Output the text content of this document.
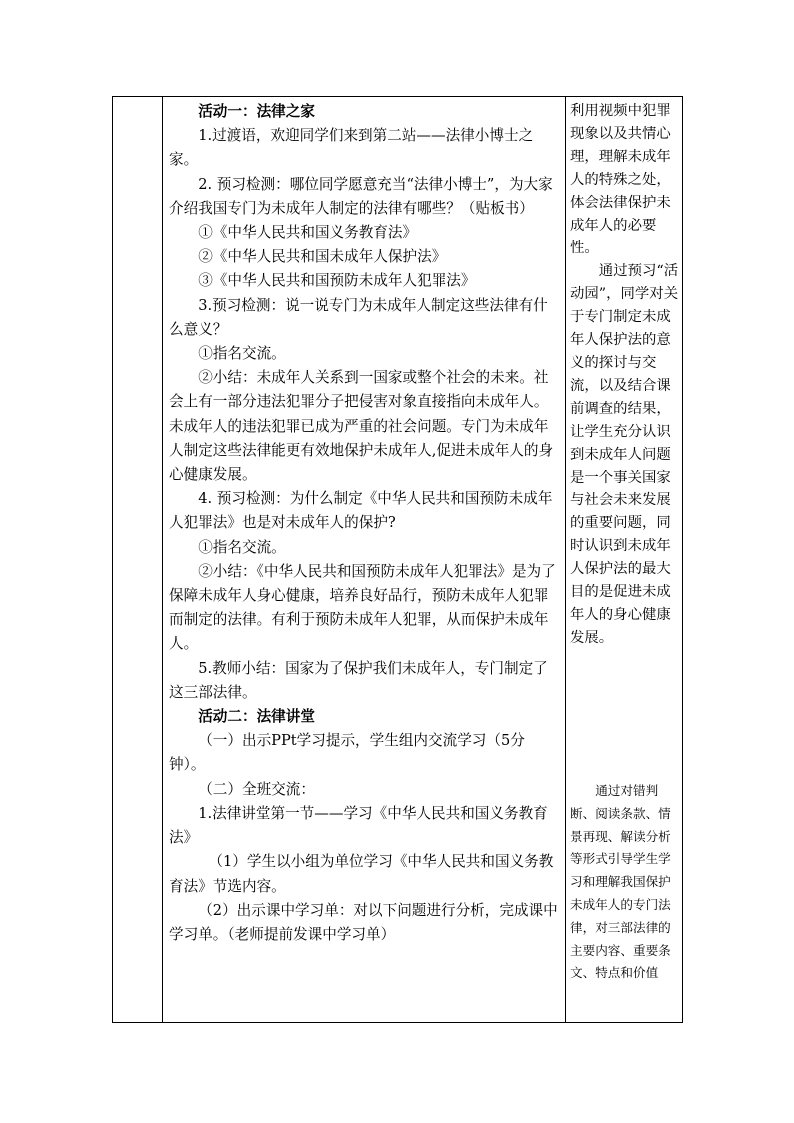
活动一：法律之家

1.过渡语，欢迎同学们来到第二站——法律小博士之家。

2. 预习检测：哪位同学愿意充当“法律小博士”，为大家介绍我国专门为未成年人制定的法律有哪些？（贴板书）

①《中华人民共和国义务教育法》

②《中华人民共和国未成年人保护法》

③《中华人民共和国预防未成年人犯罪法》

3.预习检测：说一说专门为未成年人制定这些法律有什么意义？

①指名交流。

②小结：未成年人关系到一国家或整个社会的未来。社会上有一部分违法犯罪分子把侵害对象直接指向未成年人。未成年人的违法犯罪已成为严重的社会问题。专门为未成年人制定这些法律能更有效地保护未成年人,促进未成年人的身心健康发展。

4. 预习检测：为什么制定《中华人民共和国预防未成年人犯罪法》也是对未成年人的保护?

①指名交流。

②小结：《中华人民共和国预防未成年人犯罪法》是为了保障未成年人身心健康，培养良好品行，预防未成年人犯罪而制定的法律。有利于预防未成年人犯罪，从而保护未成年人。

5.教师小结：国家为了保护我们未成年人，专门制定了这三部法律。

活动二：法律讲堂

（一）出示PPt学习提示，学生组内交流学习（5分钟）。

（二）全班交流：

1.法律讲堂第一节——学习《中华人民共和国义务教育法》

（1）学生以小组为单位学习《中华人民共和国义务教育法》节选内容。

（2）出示课中学习单：对以下问题进行分析，完成课中学习单。（老师提前发课中学习单）

利用视频中犯罪现象以及共情心理，理解未成年人的特殊之处，体会法律保护未成年人的必要性。

通过预习“活动园”，同学对关于专门制定未成年人保护法的意义的探讨与交流，以及结合课前调查的结果，让学生充分认识到未成年人问题是一个事关国家与社会未来发展的重要问题，同时认识到未成年人保护法的最大目的是促进未成年人的身心健康发展。

通过对错判断、阅读条款、情景再现、解读分析等形式引导学生学习和理解我国保护未成年人的专门法律，对三部法律的主要内容、重要条文、特点和价值
